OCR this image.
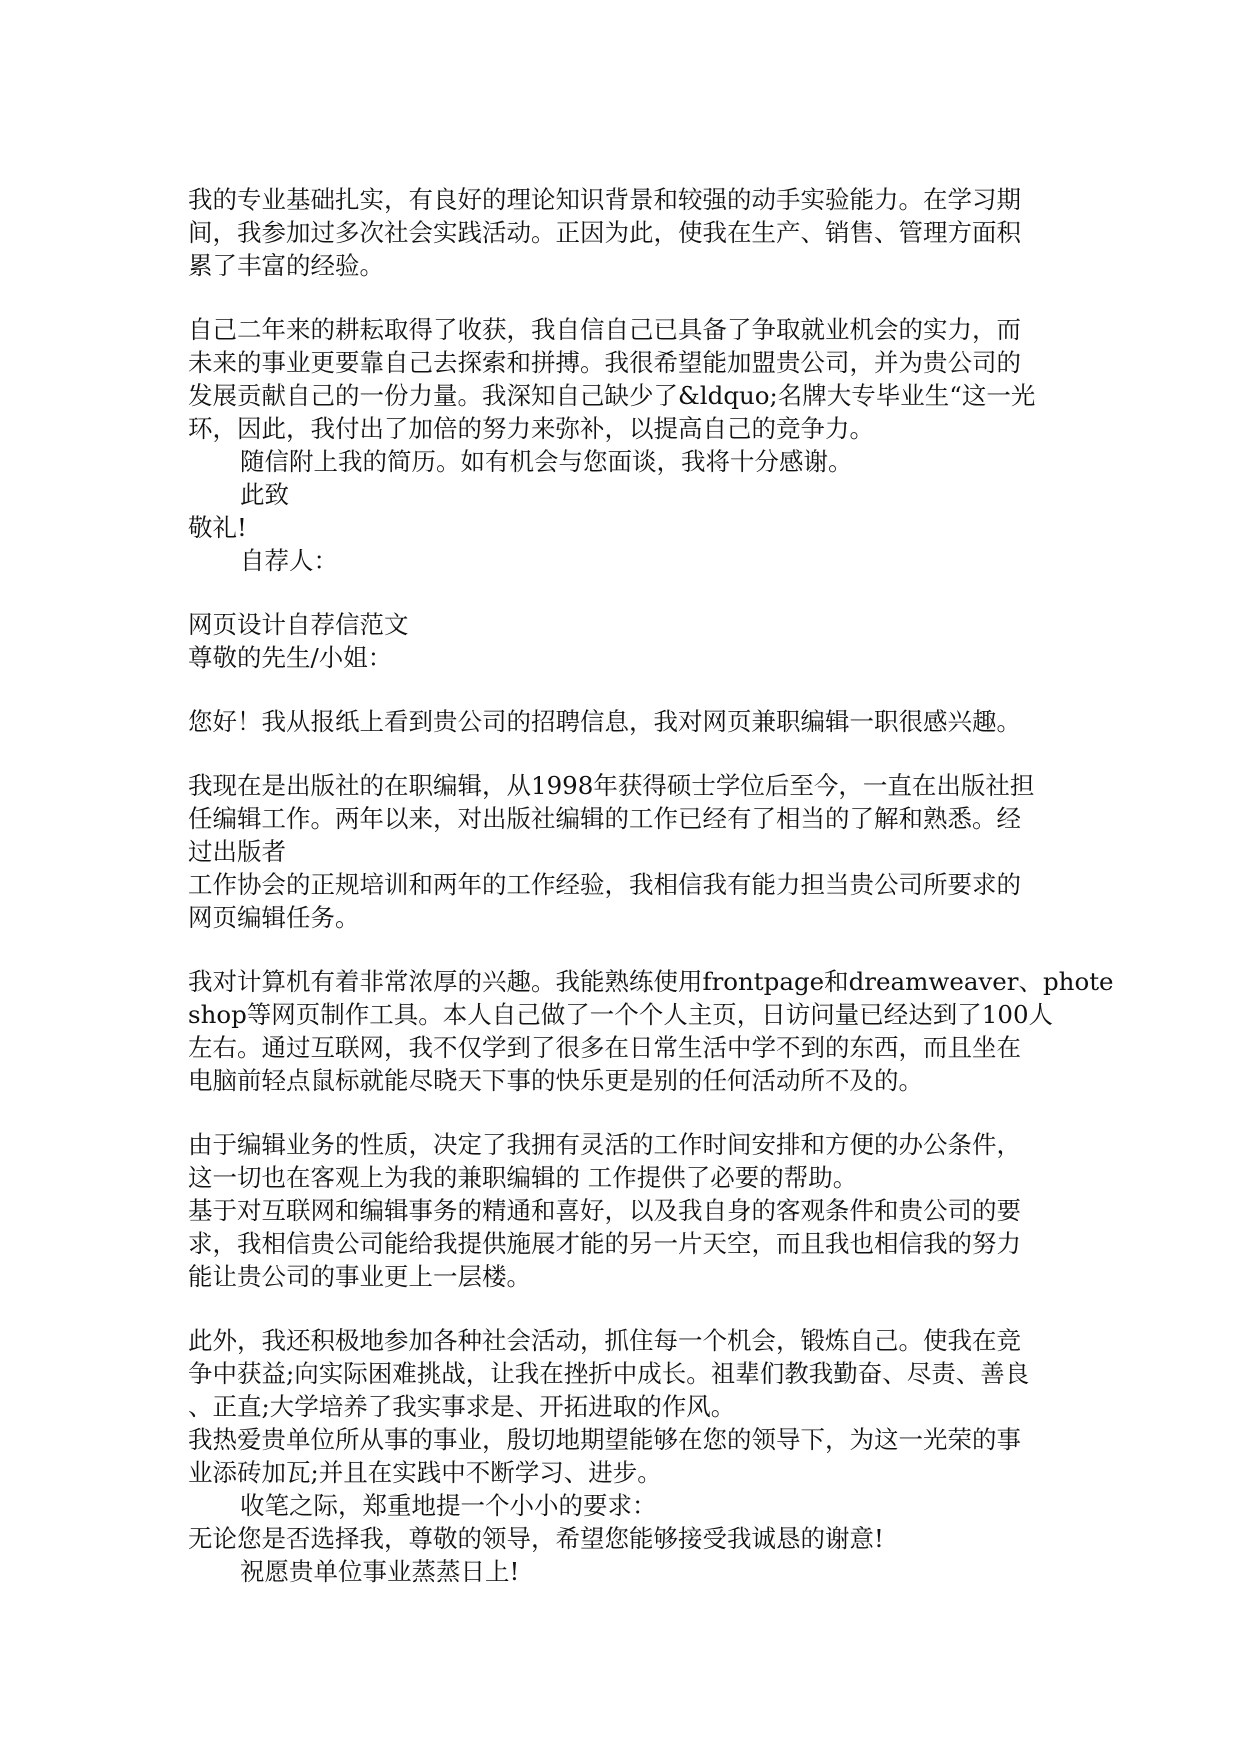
我的专业基础扎实，有良好的理论知识背景和较强的动手实验能力。在学习期
间，我参加过多次社会实践活动。正因为此，使我在生产、销售、管理方面积
累了丰富的经验。
自己二年来的耕耘取得了收获，我自信自己已具备了争取就业机会的实力，而
未来的事业更要靠自己去探索和拼搏。我很希望能加盟贵公司，并为贵公司的
发展贡献自己的一份力量。我深知自己缺少了&ldquo;名牌大专毕业生“这一光
环，因此，我付出了加倍的努力来弥补，以提高自己的竞争力。
随信附上我的简历。如有机会与您面谈，我将十分感谢。
此致
敬礼!
自荐人：
网页设计自荐信范文
尊敬的先生/小姐：
您好！我从报纸上看到贵公司的招聘信息，我对网页兼职编辑一职很感兴趣。
我现在是出版社的在职编辑，从1998年获得硕士学位后至今，一直在出版社担
任编辑工作。两年以来，对出版社编辑的工作已经有了相当的了解和熟悉。经
过出版者
工作协会的正规培训和两年的工作经验，我相信我有能力担当贵公司所要求的
网页编辑任务。
我对计算机有着非常浓厚的兴趣。我能熟练使用frontpage和dreamweaver、phote
shop等网页制作工具。本人自己做了一个个人主页，日访问量已经达到了100人
左右。通过互联网，我不仅学到了很多在日常生活中学不到的东西，而且坐在
电脑前轻点鼠标就能尽晓天下事的快乐更是别的任何活动所不及的。
由于编辑业务的性质，决定了我拥有灵活的工作时间安排和方便的办公条件，
这一切也在客观上为我的兼职编辑的 工作提供了必要的帮助。
基于对互联网和编辑事务的精通和喜好，以及我自身的客观条件和贵公司的要
求，我相信贵公司能给我提供施展才能的另一片天空，而且我也相信我的努力
能让贵公司的事业更上一层楼。
此外，我还积极地参加各种社会活动，抓住每一个机会，锻炼自己。使我在竞
争中获益;向实际困难挑战，让我在挫折中成长。祖辈们教我勤奋、尽责、善良
、正直;大学培养了我实事求是、开拓进取的作风。
我热爱贵单位所从事的事业，殷切地期望能够在您的领导下，为这一光荣的事
业添砖加瓦;并且在实践中不断学习、进步。
收笔之际，郑重地提一个小小的要求：
无论您是否选择我，尊敬的领导，希望您能够接受我诚恳的谢意!
祝愿贵单位事业蒸蒸日上!
